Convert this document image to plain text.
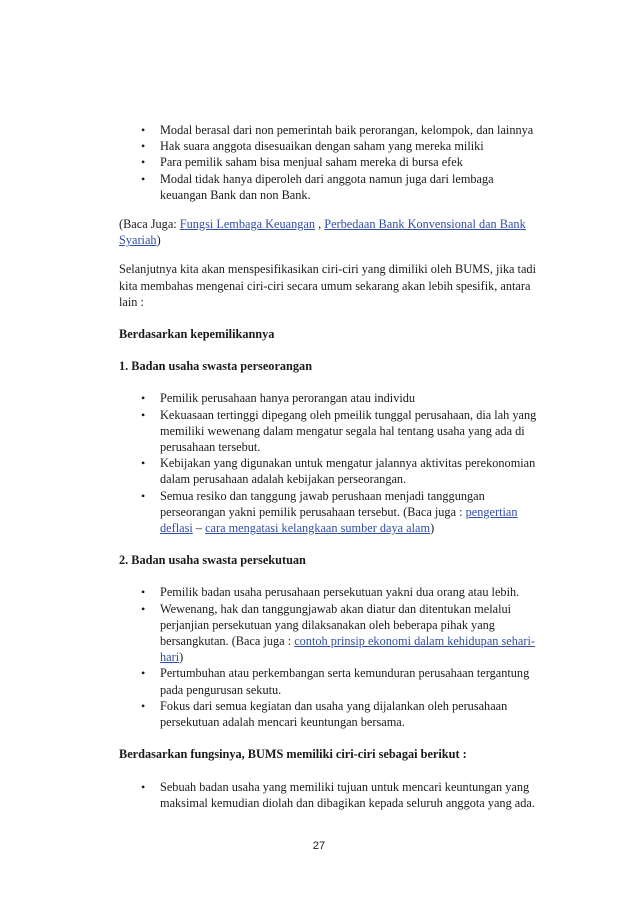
• Modal berasal dari non pemerintah baik perorangan, kelompok, dan lainnya
• Hak suara anggota disesuaikan dengan saham yang mereka miliki
• Para pemilik saham bisa menjual saham mereka di bursa efek
• Modal tidak hanya diperoleh dari anggota namun juga dari lembaga keuangan Bank dan non Bank.

(Baca Juga: Fungsi Lembaga Keuangan , Perbedaan Bank Konvensional dan Bank Syariah)

Selanjutnya kita akan menspesifikasikan ciri-ciri yang dimiliki oleh BUMS, jika tadi kita membahas mengenai ciri-ciri secara umum sekarang akan lebih spesifik, antara lain :

Berdasarkan kepemilikannya

1. Badan usaha swasta perseorangan

• Pemilik perusahaan hanya perorangan atau individu
• Kekuasaan tertinggi dipegang oleh pmeilik tunggal perusahaan, dia lah yang memiliki wewenang dalam mengatur segala hal tentang usaha yang ada di perusahaan tersebut.
• Kebijakan yang digunakan untuk mengatur jalannya aktivitas perekonomian dalam perusahaan adalah kebijakan perseorangan.
• Semua resiko dan tanggung jawab perushaan menjadi tanggungan perseorangan yakni pemilik perusahaan tersebut. (Baca juga : pengertian deflasi – cara mengatasi kelangkaan sumber daya alam)

2. Badan usaha swasta persekutuan

• Pemilik badan usaha perusahaan persekutuan yakni dua orang atau lebih.
• Wewenang, hak dan tanggungjawab akan diatur dan ditentukan melalui perjanjian persekutuan yang dilaksanakan oleh beberapa pihak yang bersangkutan. (Baca juga : contoh prinsip ekonomi dalam kehidupan sehari-hari)
• Pertumbuhan atau perkembangan serta kemunduran perusahaan tergantung pada pengurusan sekutu.
• Fokus dari semua kegiatan dan usaha yang dijalankan oleh perusahaan persekutuan adalah mencari keuntungan bersama.

Berdasarkan fungsinya, BUMS memiliki ciri-ciri sebagai berikut :

• Sebuah badan usaha yang memiliki tujuan untuk mencari keuntungan yang maksimal kemudian diolah dan dibagikan kepada seluruh anggota yang ada.
27
